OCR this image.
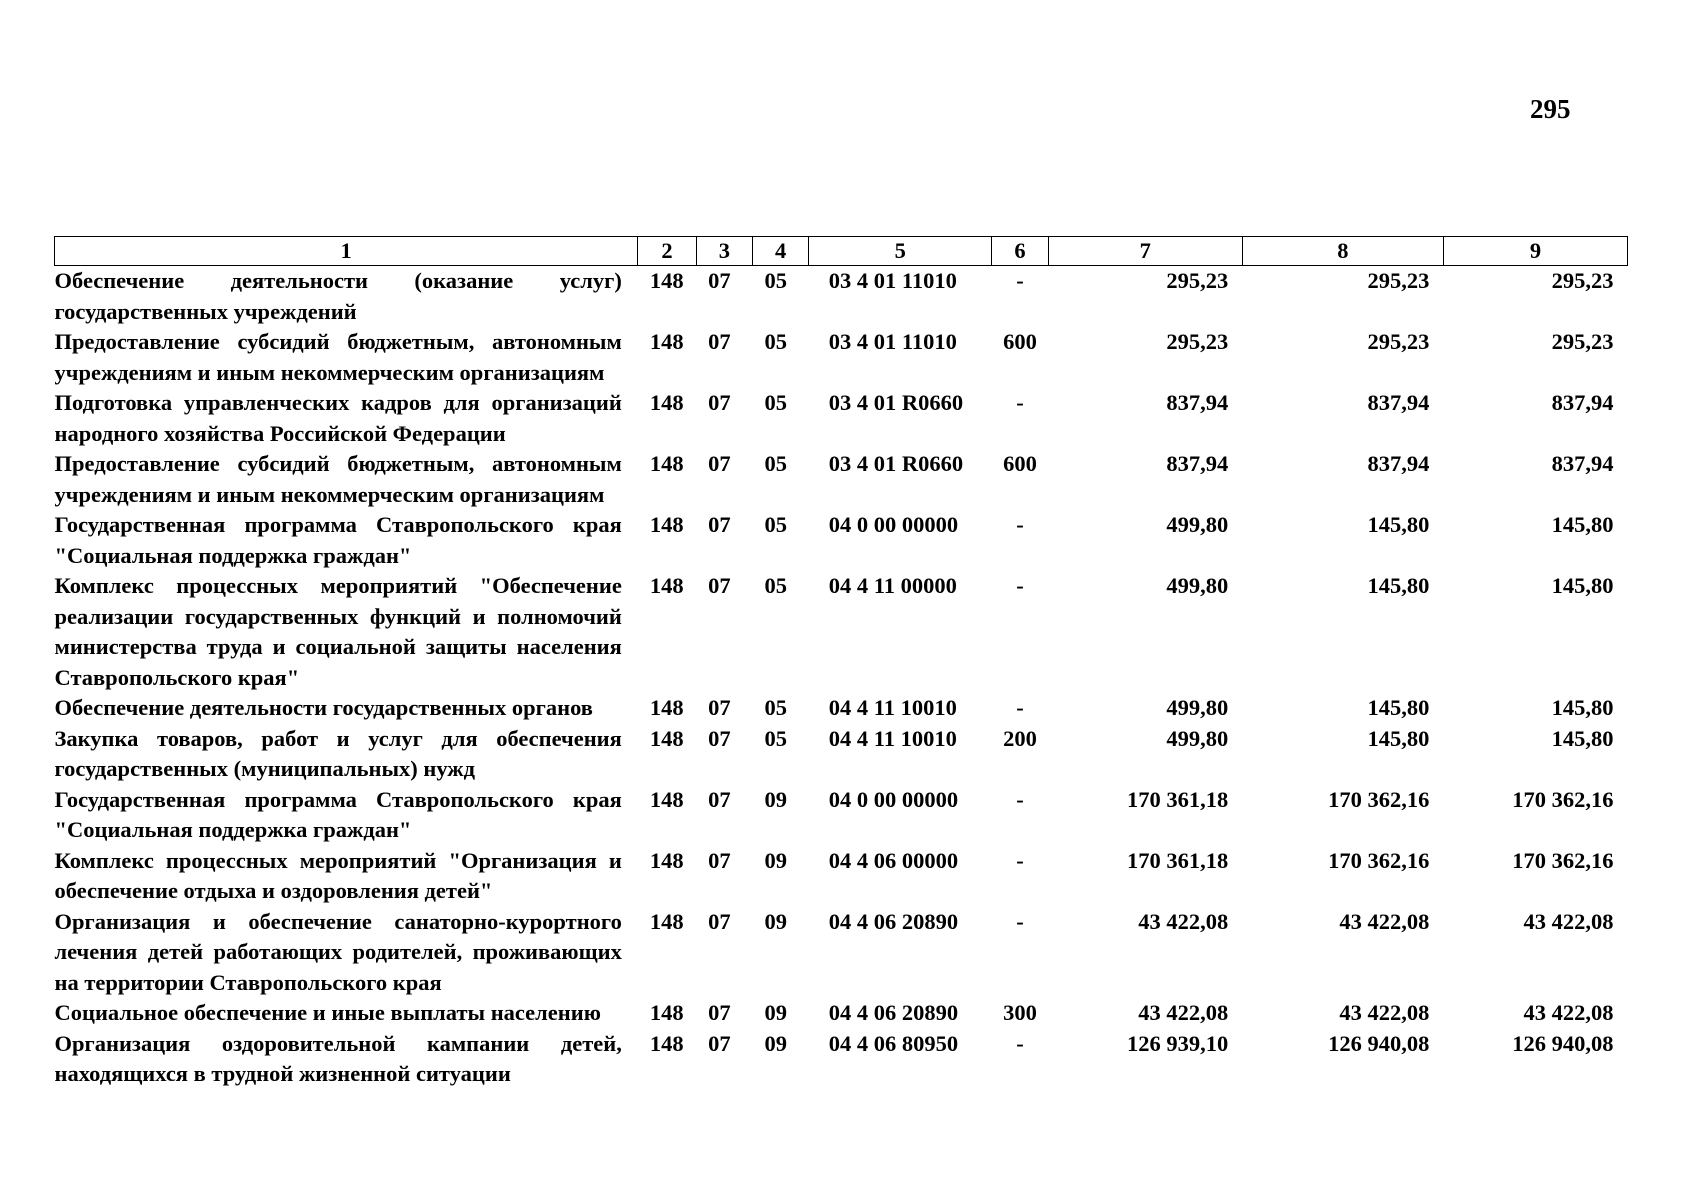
295
1	2	3	4	5	6	7	8	9
Обеспечение деятельности (оказание услуг) государственных учреждений	148	07	05	03 4 01 11010	-	295,23	295,23	295,23
Предоставление субсидий бюджетным, автономным учреждениям и иным некоммерческим организациям	148	07	05	03 4 01 11010	600	295,23	295,23	295,23
Подготовка управленческих кадров для организаций народного хозяйства Российской Федерации	148	07	05	03 4 01 R0660	-	837,94	837,94	837,94
Предоставление субсидий бюджетным, автономным учреждениям и иным некоммерческим организациям	148	07	05	03 4 01 R0660	600	837,94	837,94	837,94
Государственная программа Ставропольского края "Социальная поддержка граждан"	148	07	05	04 0 00 00000	-	499,80	145,80	145,80
Комплекс процессных мероприятий "Обеспечение реализации государственных функций и полномочий министерства труда и социальной защиты населения Ставропольского края"	148	07	05	04 4 11 00000	-	499,80	145,80	145,80
Обеспечение деятельности государственных органов	148	07	05	04 4 11 10010	-	499,80	145,80	145,80
Закупка товаров, работ и услуг для обеспечения государственных (муниципальных) нужд	148	07	05	04 4 11 10010	200	499,80	145,80	145,80
Государственная программа Ставропольского края "Социальная поддержка граждан"	148	07	09	04 0 00 00000	-	170 361,18	170 362,16	170 362,16
Комплекс процессных мероприятий "Организация и обеспечение отдыха и оздоровления детей"	148	07	09	04 4 06 00000	-	170 361,18	170 362,16	170 362,16
Организация и обеспечение санаторно-курортного лечения детей работающих родителей, проживающих на территории Ставропольского края	148	07	09	04 4 06 20890	-	43 422,08	43 422,08	43 422,08
Социальное обеспечение и иные выплаты населению	148	07	09	04 4 06 20890	300	43 422,08	43 422,08	43 422,08
Организация оздоровительной кампании детей, находящихся в трудной жизненной ситуации	148	07	09	04 4 06 80950	-	126 939,10	126 940,08	126 940,08
